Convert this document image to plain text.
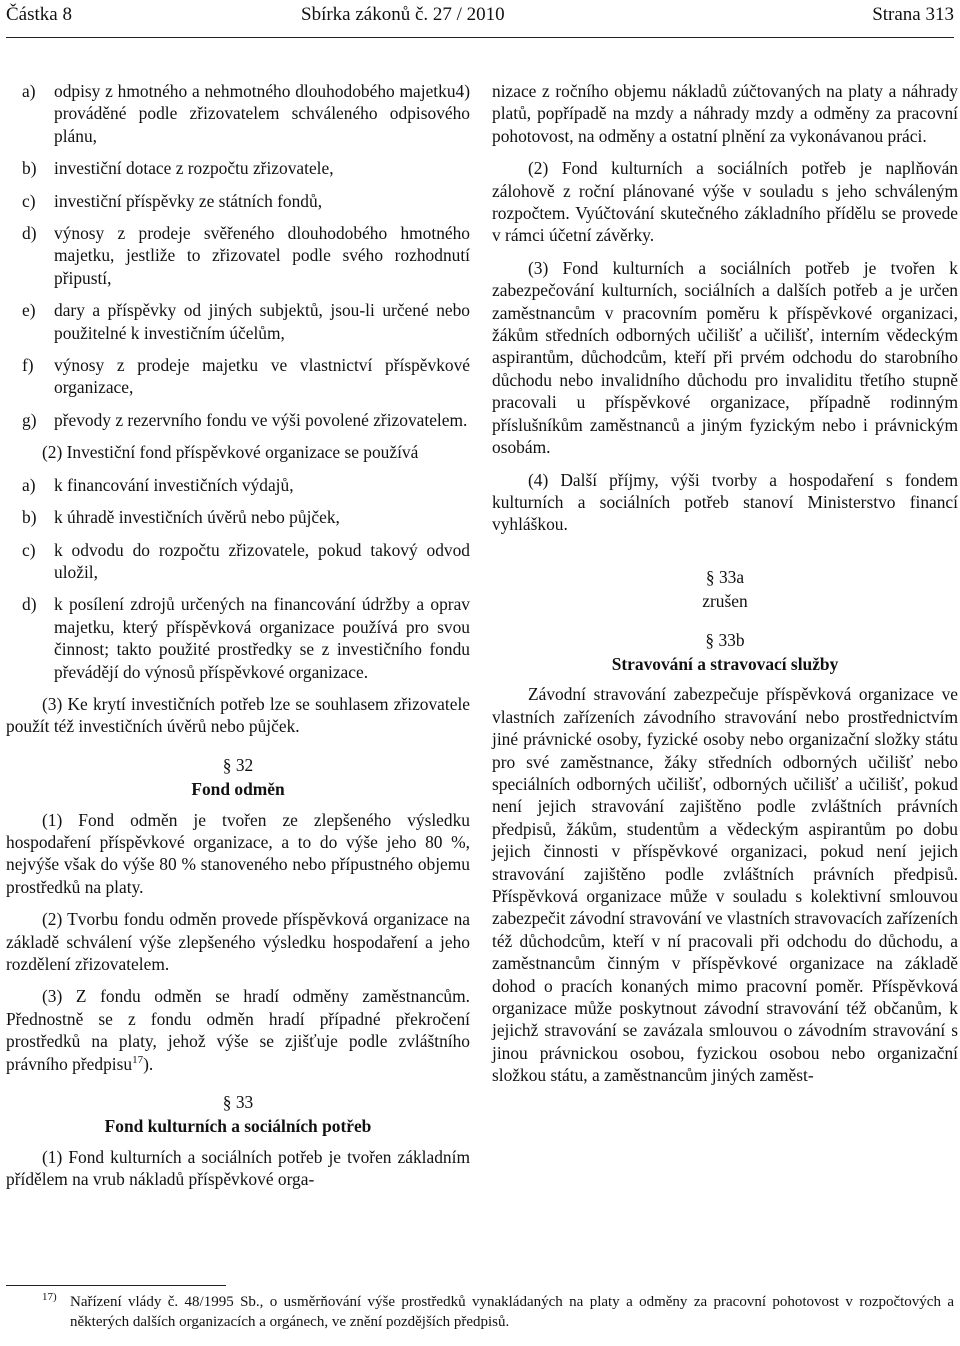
Částka 8	Sbírka zákonů č. 27 / 2010	Strana 313
a)	odpisy z hmotného a nehmotného dlouhodobého majetku4) prováděné podle zřizovatelem schváleného odpisového plánu,
b)	investiční dotace z rozpočtu zřizovatele,
c)	investiční příspěvky ze státních fondů,
d)	výnosy z prodeje svěřeného dlouhodobého hmotného majetku, jestliže to zřizovatel podle svého rozhodnutí připustí,
e)	dary a příspěvky od jiných subjektů, jsou-li určené nebo použitelné k investičním účelům,
f)	výnosy z prodeje majetku ve vlastnictví příspěvkové organizace,
g)	převody z rezervního fondu ve výši povolené zřizovatelem.

(2) Investiční fond příspěvkové organizace se používá

a)	k financování investičních výdajů,
b)	k úhradě investičních úvěrů nebo půjček,
c)	k odvodu do rozpočtu zřizovatele, pokud takový odvod uložil,
d)	k posílení zdrojů určených na financování údržby a oprav majetku, který příspěvková organizace používá pro svou činnost; takto použité prostředky se z investičního fondu převádějí do výnosů příspěvkové organizace.

(3) Ke krytí investičních potřeb lze se souhlasem zřizovatele použít též investičních úvěrů nebo půjček.

§ 32
Fond odměn

(1) Fond odměn je tvořen ze zlepšeného výsledku hospodaření příspěvkové organizace, a to do výše jeho 80 %, nejvýše však do výše 80 % stanoveného nebo přípustného objemu prostředků na platy.

(2) Tvorbu fondu odměn provede příspěvková organizace na základě schválení výše zlepšeného výsledku hospodaření a jeho rozdělení zřizovatelem.

(3) Z fondu odměn se hradí odměny zaměstnancům. Přednostně se z fondu odměn hradí případné překročení prostředků na platy, jehož výše se zjišťuje podle zvláštního právního předpisu$^{17}$).

§ 33
Fond kulturních a sociálních potřeb

(1) Fond kulturních a sociálních potřeb je tvořen základním přídělem na vrub nákladů příspěvkové orga-

nizace z ročního objemu nákladů zúčtovaných na platy a náhrady platů, popřípadě na mzdy a náhrady mzdy a odměny za pracovní pohotovost, na odměny a ostatní plnění za vykonávanou práci.

(2) Fond kulturních a sociálních potřeb je naplňován zálohově z roční plánované výše v souladu s jeho schváleným rozpočtem. Vyúčtování skutečného základního přídělu se provede v rámci účetní závěrky.

(3) Fond kulturních a sociálních potřeb je tvořen k zabezpečování kulturních, sociálních a dalších potřeb a je určen zaměstnancům v pracovním poměru k příspěvkové organizaci, žákům středních odborných učilišť a učilišť, interním vědeckým aspirantům, důchodcům, kteří při prvém odchodu do starobního důchodu nebo invalidního důchodu pro invaliditu třetího stupně pracovali u příspěvkové organizace, případně rodinným příslušníkům zaměstnanců a jiným fyzickým nebo i právnickým osobám.

(4) Další příjmy, výši tvorby a hospodaření s fondem kulturních a sociálních potřeb stanoví Ministerstvo financí vyhláškou.

§ 33a
zrušen
§ 33b
Stravování a stravovací služby

Závodní stravování zabezpečuje příspěvková organizace ve vlastních zařízeních závodního stravování nebo prostřednictvím jiné právnické osoby, fyzické osoby nebo organizační složky státu pro své zaměstnance, žáky středních odborných učilišť nebo speciálních odborných učilišť, odborných učilišť a učilišť, pokud není jejich stravování zajištěno podle zvláštních právních předpisů, žákům, studentům a vědeckým aspirantům po dobu jejich činnosti v příspěvkové organizaci, pokud není jejich stravování zajištěno podle zvláštních právních předpisů. Příspěvková organizace může v souladu s kolektivní smlouvou zabezpečit závodní stravování ve vlastních stravovacích zařízeních též důchodcům, kteří v ní pracovali při odchodu do důchodu, a zaměstnancům činným v příspěvkové organizace na základě dohod o pracích konaných mimo pracovní poměr. Příspěvková organizace může poskytnout závodní stravování též občanům, k jejichž stravování se zavázala smlouvou o závodním stravování s jinou právnickou osobou, fyzickou osobou nebo organizační složkou státu, a zaměstnancům jiných zaměst-

17) Nařízení vlády č. 48/1995 Sb., o usměrňování výše prostředků vynakládaných na platy a odměny za pracovní pohotovost v rozpočtových a některých dalších organizacích a orgánech, ve znění pozdějších předpisů.
